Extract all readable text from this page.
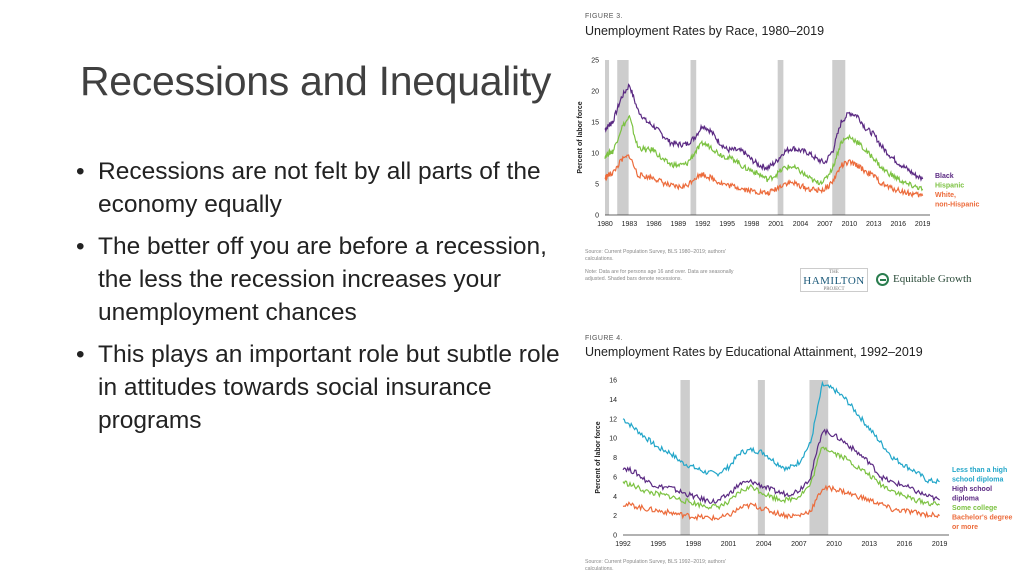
Recessions and Inequality
• Recessions are not felt by all parts of the economy equally
• The better off you are before a recession, the less the recession increases your unemployment chances
• This plays an important role but subtle role in attitudes towards social insurance programs
FIGURE 3.
Unemployment Rates by Race, 1980–2019
0
5
10
15
20
25
1980 1983 1986 1989 1992 1995 1998 2001 2004 2007 2010 2013 2016 2019
Percent of labor force
Black
Hispanic
White,
non-Hispanic
Source: Current Population Survey, BLS 1980–2019; authors'
calculations.
Note: Data are for persons age 16 and over. Data are seasonally
adjusted. Shaded bars denote recessions.
THE
HAMILTON
PROJECT
Equitable Growth
FIGURE 4.
Unemployment Rates by Educational Attainment, 1992–2019
0
2
4
6
8
10
12
14
16
1992	1995	1998	2001	2004	2007	2010	2013	2016	2019
Percent of labor force	Less than a high
school diploma
High school
diploma
Some college
Bachelor's degree
or more
Source: Current Population Survey, BLS 1992–2019; authors'
calculations.
